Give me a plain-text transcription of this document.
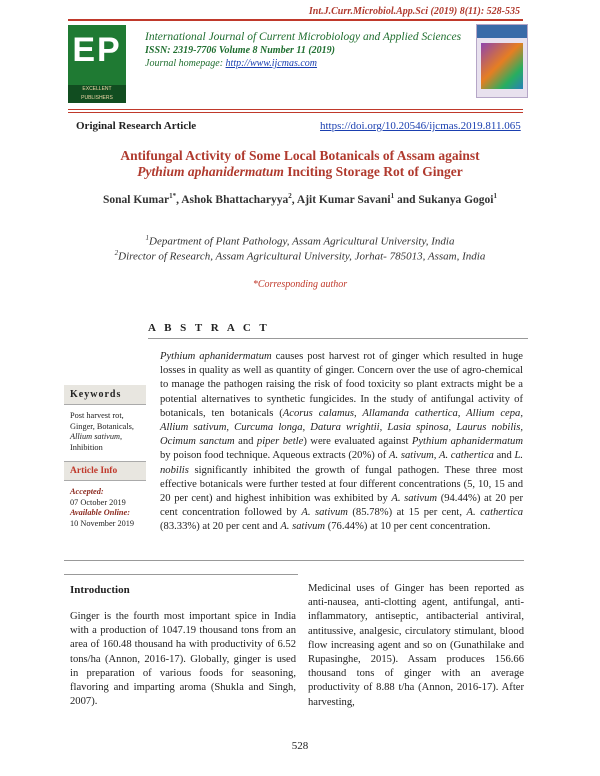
Int.J.Curr.Microbiol.App.Sci (2019) 8(11): 528-535
EP
EXCELLENT PUBLISHERS
International Journal of Current Microbiology and Applied Sciences
ISSN: 2319-7706 Volume 8 Number 11 (2019)
Journal homepage: http://www.ijcmas.com
Original Research Article	https://doi.org/10.20546/ijcmas.2019.811.065
Antifungal Activity of Some Local Botanicals of Assam against
Pythium aphanidermatum Inciting Storage Rot of Ginger
Sonal Kumar$^{1*}$, Ashok Bhattacharyya$^2$, Ajit Kumar Savani$^1$ and Sukanya Gogoi$^1$
$^1$Department of Plant Pathology, Assam Agricultural University, India
$^2$Director of Research, Assam Agricultural University, Jorhat- 785013, Assam, India
*Corresponding author
A B S T R A C T
Pythium aphanidermatum causes post harvest rot of ginger which resulted in huge losses in quality as well as quantity of ginger. Concern over the use of agro-chemical to manage the pathogen raising the risk of food toxicity so plant extracts might be a potential alternatives to synthetic fungicides. In the study of antifungal activity of botanicals, ten botanicals (Acorus calamus, Allamanda cathertica, Allium cepa, Allium sativum, Curcuma longa, Datura wrightii, Lasia spinosa, Laurus nobilis, Ocimum sanctum and piper betle) were evaluated against Pythium aphanidermatum by poison food technique. Aqueous extracts (20%) of A. sativum, A. cathertica and L. nobilis significantly inhibited the growth of fungal pathogen. These three most effective botanicals were further tested at four different concentrations (5, 10, 15 and 20 per cent) and highest inhibition was exhibited by A. sativum (94.44%) at 20 per cent concentration followed by A. sativum (85.78%) at 15 per cent, A. cathertica (83.33%) at 20 per cent and A. sativum (76.44%) at 10 per cent concentration.
Keywords
Post harvest rot,
Ginger, Botanicals,
Allium sativum,
Inhibition
Article Info
Accepted:
07 October 2019
Available Online:
10 November 2019
Introduction
Ginger is the fourth most important spice in India with a production of 1047.19 thousand tons from an area of 160.48 thousand ha with productivity of 6.52 tons/ha (Annon, 2016-17). Globally, ginger is used in preparation of various foods for seasoning, flavoring and imparting aroma (Shukla and Singh, 2007).
Medicinal uses of Ginger has been reported as anti-nausea, anti-clotting agent, antifungal, anti-inflammatory, antiseptic, antibacterial antiviral, antitussive, analgesic, circulatory stimulant, blood flow increasing agent and so on (Gunathilake and Rupasinghe, 2015). Assam produces 156.66 thousand tons of ginger with an average productivity of 8.88 t/ha (Annon, 2016-17). After harvesting,
528
